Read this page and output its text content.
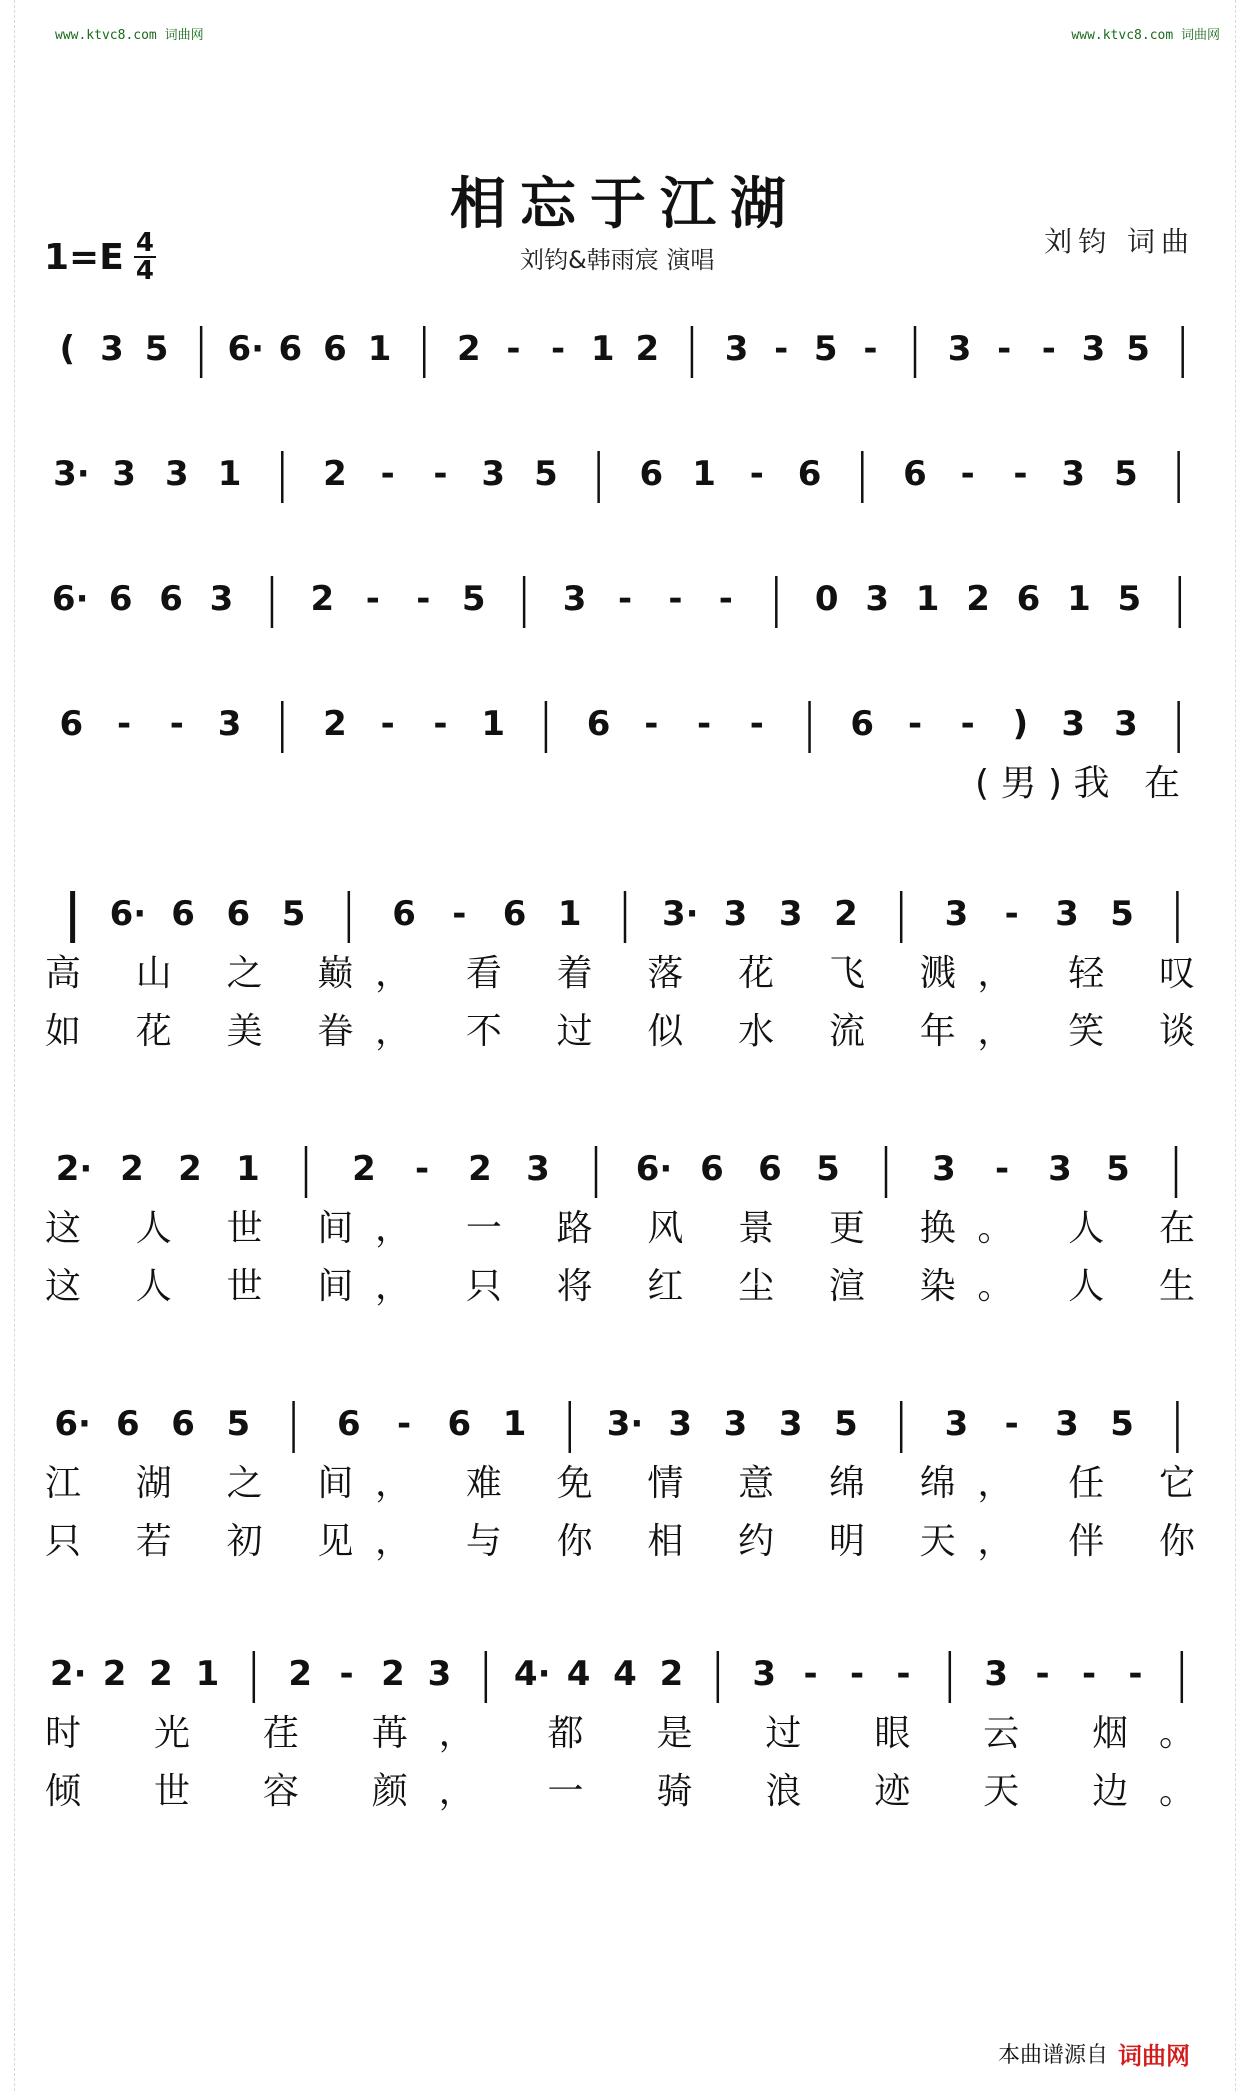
www.ktvc8.com 词曲网	www.ktvc8.com 词曲网
相忘于江湖
刘钧&韩雨宸 演唱
刘钧 词曲
$1=E \frac{4}{4}$
( 3 5 6· 6 6 1 2 - - 1 2 3 - 5 - 3 - - 3 5
3· 3 3 1 2 - - 3 5 6 1 - 6 6 - - 3 5
6· 6 6 3 2 - - 5 3 - - - 0 3 1 2 6 1 5
6 - - 3 2 - - 1 6 - - -	6 - - ) 3 3
(男)我 在
6· 6 6 5	6 - 6 1 3· 3 3 2	3 - 3 5
高 山 之 巅， 看 着 落 花 飞 溅， 轻 叹
如 花 美 眷， 不 过 似 水 流 年， 笑 谈
2· 2 2 1	2 - 2 3	6· 6 6 5	3 - 3 5
这 人 世 间， 一 路 风 景 更 换。 人 在
这 人 世 间， 只 将 红 尘 渲 染。 人 生
6· 6 6 5	6 - 6 1 3· 3 3 3 5	3 - 3 5
江 湖 之 间， 难 免 情 意 绵 绵， 任 它
只 若 初 见， 与 你 相 约 明 天， 伴 你
2· 2 2 1 2 - 2 3 4· 4 4 2 3 - - - 3 - - -
时 光 荏 苒， 都 是 过 眼 云 烟。
倾 世 容 颜， 一 骑 浪 迹 天 边。
本曲谱源自 词曲网
